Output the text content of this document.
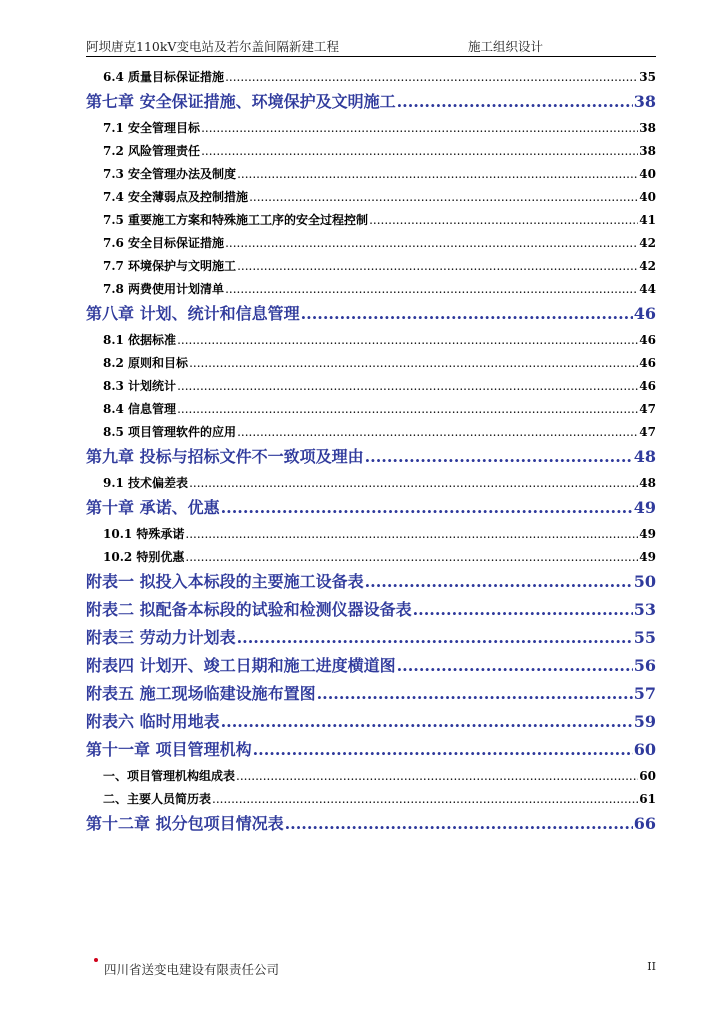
阿坝唐克110kV变电站及若尔盖间隔新建工程	施工组织设计
6.4 质量目标保证措施 .....	35
第七章 安全保证措施、环境保护及文明施工 .....	38
7.1 安全管理目标 .....	38
7.2 风险管理责任 .....	38
7.3 安全管理办法及制度 .....	40
7.4 安全薄弱点及控制措施 .....	40
7.5 重要施工方案和特殊施工工序的安全过程控制 .....	41
7.6 安全目标保证措施 .....	42
7.7 环境保护与文明施工 .....	42
7.8 两费使用计划清单 .....	44
第八章 计划、统计和信息管理 .....	46
8.1 依据标准 .....	46
8.2 原则和目标 .....	46
8.3 计划统计 .....	46
8.4 信息管理 .....	47
8.5 项目管理软件的应用 .....	47
第九章 投标与招标文件不一致项及理由 .....	48
9.1 技术偏差表 .....	48
第十章 承诺、优惠 .....	49
10.1 特殊承诺 .....	49
10.2 特别优惠 .....	49
附表一 拟投入本标段的主要施工设备表 .....	50
附表二 拟配备本标段的试验和检测仪器设备表 .....	53
附表三 劳动力计划表 .....	55
附表四 计划开、竣工日期和施工进度横道图 .....	56
附表五 施工现场临建设施布置图 .....	57
附表六 临时用地表 .....	59
第十一章 项目管理机构 .....	60
一、项目管理机构组成表 .....	60
二、主要人员简历表 .....	61
第十二章 拟分包项目情况表 .....	66
四川省送变电建设有限责任公司	II
